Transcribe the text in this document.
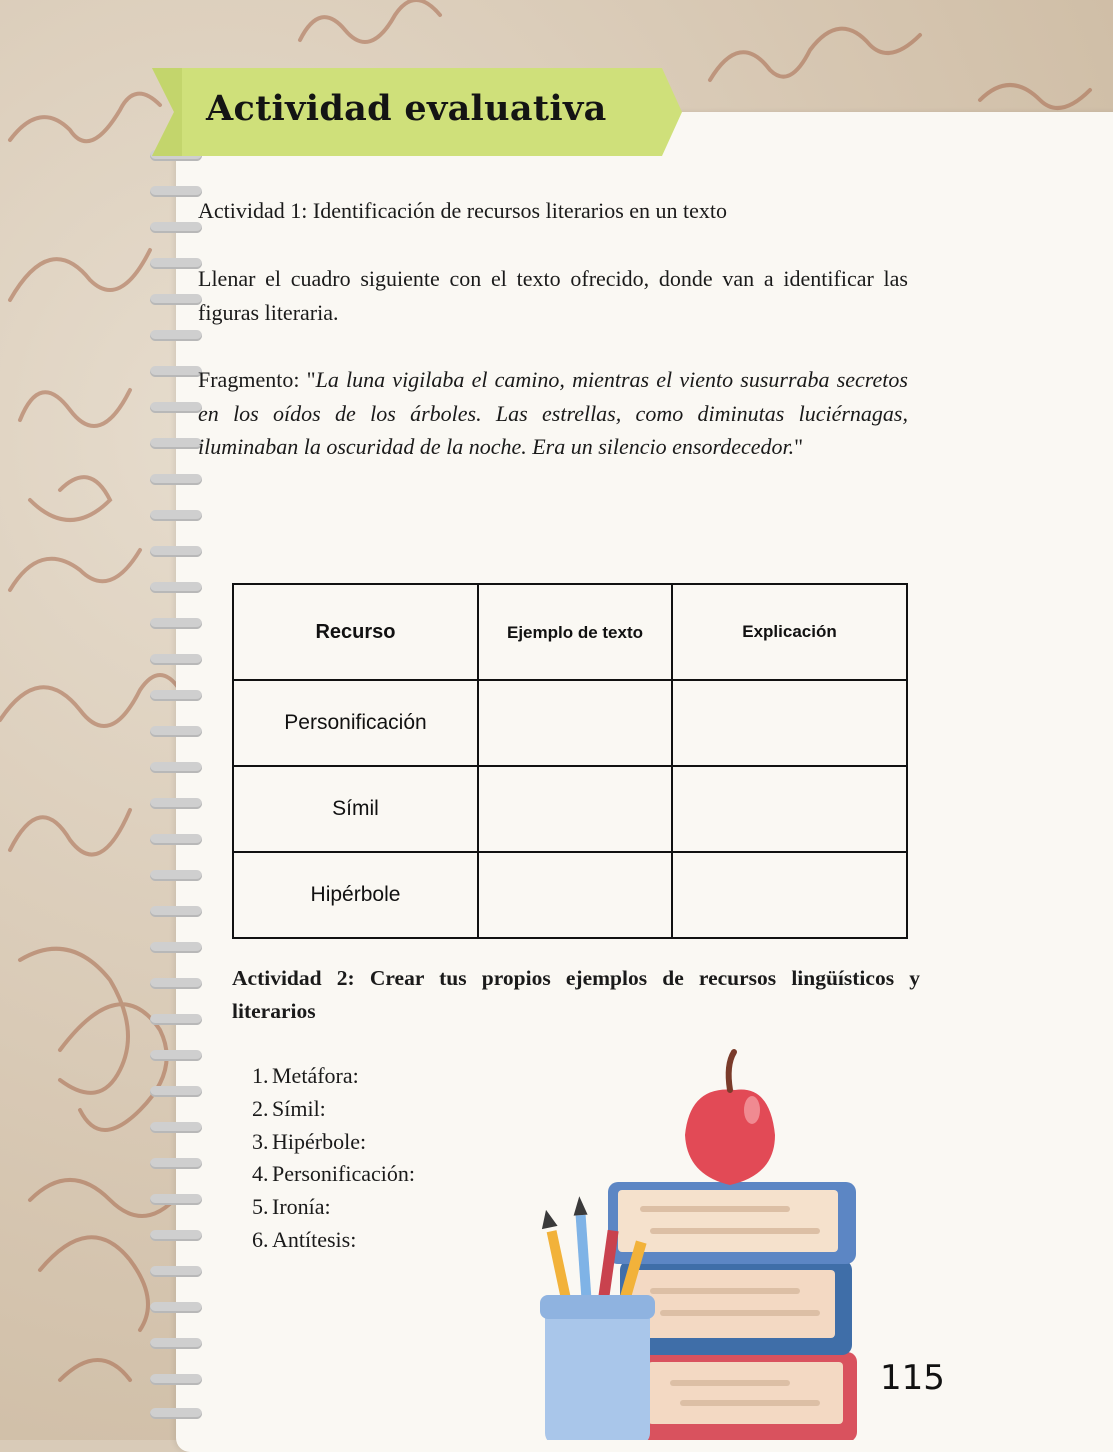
Actividad evaluativa
Actividad 1: Identificación de recursos literarios en un texto
Llenar el cuadro siguiente con el texto ofrecido, donde van a identificar las figuras literaria.
Fragmento: "La luna vigilaba el camino, mientras el viento susurraba secretos en los oídos de los árboles. Las estrellas, como diminutas luciérnagas, iluminaban la oscuridad de la noche. Era un silencio ensordecedor."
Recurso	Ejemplo de texto	Explicación
Personificación		
Símil		
Hipérbole		
Actividad 2: Crear tus propios ejemplos de recursos lingüísticos y literarios
1. Metáfora:
2. Símil:
3. Hipérbole:
4. Personificación:
5. Ironía:
6. Antítesis:
115
